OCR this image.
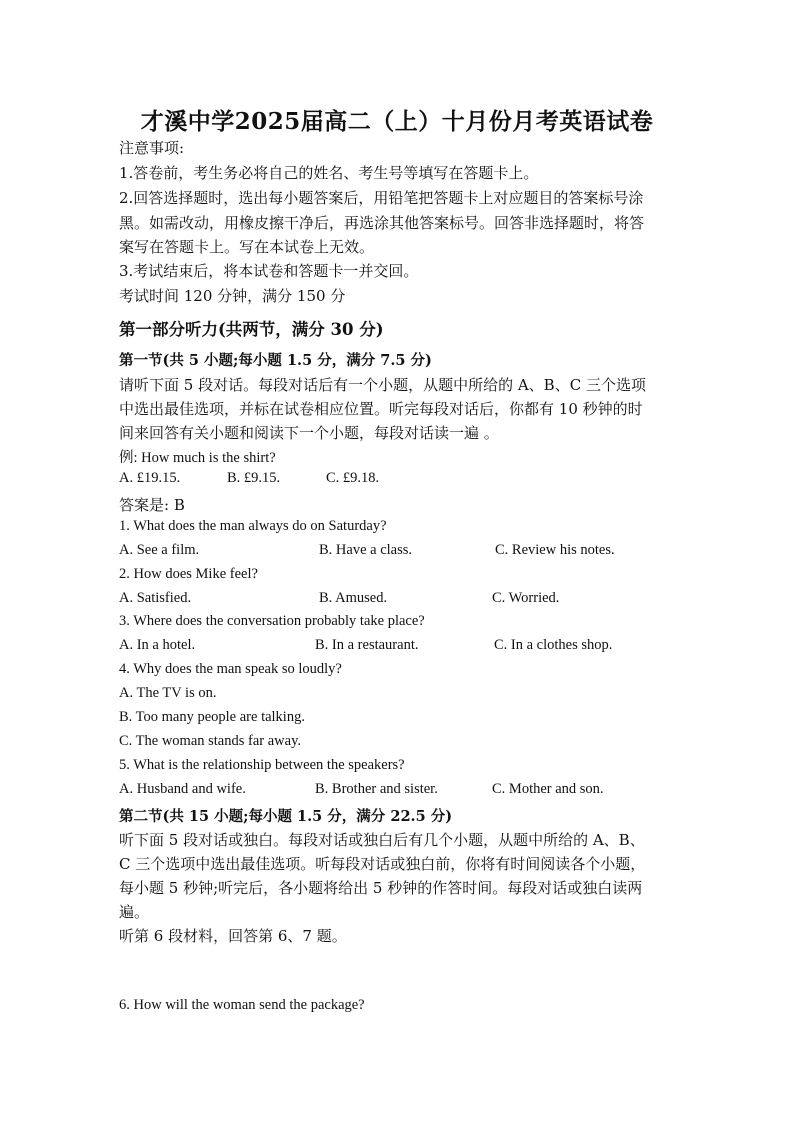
才溪中学2025届高二（上）十月份月考英语试卷
注意事项:
1.答卷前，考生务必将自己的姓名、考生号等填写在答题卡上。
2.回答选择题时，选出每小题答案后，用铅笔把答题卡上对应题目的答案标号涂
黑。如需改动，用橡皮擦干净后，再选涂其他答案标号。回答非选择题时，将答
案写在答题卡上。写在本试卷上无效。
3.考试结束后，将本试卷和答题卡一并交回。
考试时间 120 分钟，满分 150 分
第一部分听力(共两节，满分 30 分)
第一节(共 5 小题;每小题 1.5 分，满分 7.5 分)
请听下面 5 段对话。每段对话后有一个小题，从题中所给的 A、B、C 三个选项
中选出最佳选项，并标在试卷相应位置。听完每段对话后，你都有 10 秒钟的时
间来回答有关小题和阅读下一个小题，每段对话读一遍 。
例: How much is the shirt?
A. £19.15.	B. £9.15.	C. £9.18.
答案是: B
1. What does the man always do on Saturday?
A. See a film.	B. Have a class.	C. Review his notes.
2. How does Mike feel?
A. Satisfied.	B. Amused.	C. Worried.
3. Where does the conversation probably take place?
A. In a hotel.	B. In a restaurant.	C. In a clothes shop.
4. Why does the man speak so loudly?
A. The TV is on.
B. Too many people are talking.
C. The woman stands far away.
5. What is the relationship between the speakers?
A. Husband and wife.	B. Brother and sister.	C. Mother and son.
第二节(共 15 小题;每小题 1.5 分，满分 22.5 分)
听下面 5 段对话或独白。每段对话或独白后有几个小题，从题中所给的 A、B、
C 三个选项中选出最佳选项。听每段对话或独白前，你将有时间阅读各个小题，
每小题 5 秒钟;听完后，各小题将给出 5 秒钟的作答时间。每段对话或独白读两
遍。
听第 6 段材料，回答第 6、7 题。
6. How will the woman send the package?
